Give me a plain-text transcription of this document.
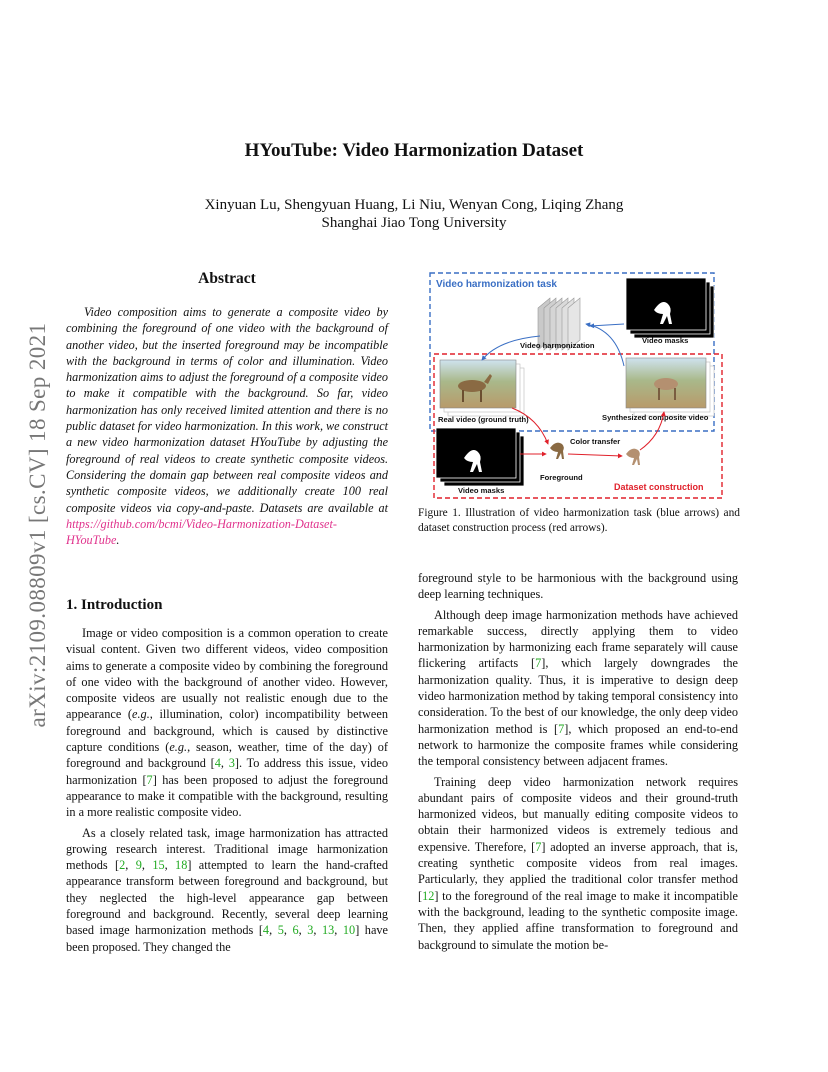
arXiv:2109.08809v1 [cs.CV] 18 Sep 2021
HYouTube: Video Harmonization Dataset
Xinyuan Lu, Shengyuan Huang, Li Niu, Wenyan Cong, Liqing Zhang
Shanghai Jiao Tong University
Abstract

Video composition aims to generate a composite video by combining the foreground of one video with the background of another video, but the inserted foreground may be incompatible with the background in terms of color and illumination. Video harmonization aims to adjust the foreground of a composite video to make it compatible with the background. So far, video harmonization has only received limited attention and there is no public dataset for video harmonization. In this work, we construct a new video harmonization dataset HYouTube by adjusting the foreground of real videos to create synthetic composite videos. Considering the domain gap between real composite videos and synthetic composite videos, we additionally create 100 real composite videos via copy-and-paste. Datasets are available at https://github.com/bcmi/Video-Harmonization-Dataset-HYouTube.

1. Introduction

Image or video composition is a common operation to create visual content. Given two different videos, video composition aims to generate a composite video by combining the foreground of one video with the background of another video. However, composite videos are usually not realistic enough due to the appearance (e.g., illumination, color) incompatibility between foreground and background, which is caused by distinctive capture conditions (e.g., season, weather, time of the day) of foreground and background [4, 3]. To address this issue, video harmonization [7] has been proposed to adjust the foreground appearance to make it compatible with the background, resulting in a more realistic composite video.

As a closely related task, image harmonization has attracted growing research interest. Traditional image harmonization methods [2, 9, 15, 18] attempted to learn the hand-crafted appearance transform between foreground and background, but they neglected the high-level appearance gap between foreground and background. Recently, several deep learning based image harmonization methods [4, 5, 6, 3, 13, 10] have been proposed. They changed the

foreground style to be harmonious with the background using deep learning techniques.

Although deep image harmonization methods have achieved remarkable success, directly applying them to video harmonization by harmonizing each frame separately will cause flickering artifacts [7], which largely downgrades the harmonization quality. Thus, it is imperative to design deep video harmonization method by taking temporal consistency into consideration. To the best of our knowledge, the only deep video harmonization method is [7], which proposed an end-to-end network to harmonize the composite frames while considering the temporal consistency between adjacent frames.

Training deep video harmonization network requires abundant pairs of composite videos and their ground-truth harmonized videos, but manually editing composite videos to obtain their harmonized videos is extremely tedious and expensive. Therefore, [7] adopted an inverse approach, that is, creating synthetic composite videos from real images. Particularly, they applied the traditional color transfer method [12] to the foreground of the real image to make it incompatible with the background, leading to the synthetic composite image. Then, they applied affine transformation to foreground and background to simulate the motion be-

Video harmonization task
Video harmonization
Video masks
Real video (ground truth)	Synthesized composite video
Video masks
Color transfer
Foreground
Dataset construction
Figure 1. Illustration of video harmonization task (blue arrows) and dataset construction process (red arrows).
